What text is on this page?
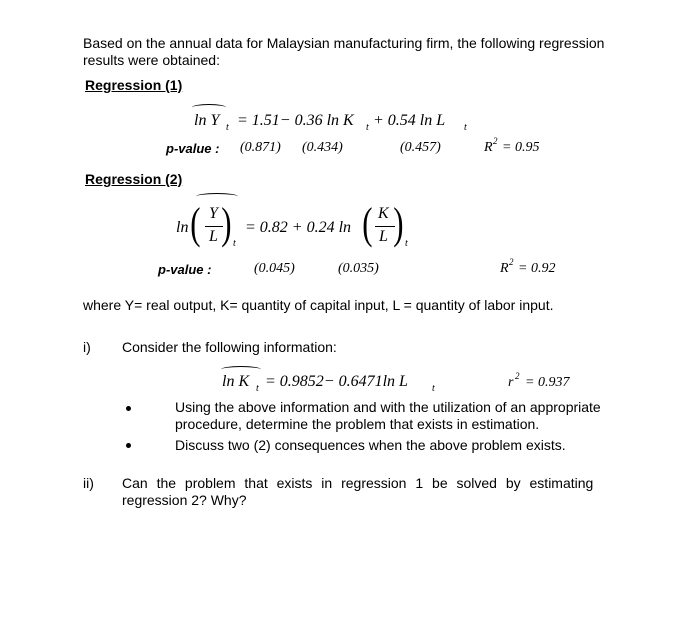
Based on the annual data for Malaysian manufacturing firm, the following regression
results were obtained:
Regression (1)
ln Y t = 1.51− 0.36 ln K t + 0.54 ln L t
p-value : (0.871) (0.434)	(0.457)	R 2 = 0.95
Regression (2)
ln ( Y
L ) t
= 0.82 + 0.24 ln ( K
L ) t
p-value :	(0.045)	(0.035)	R 2 = 0.92
where Y= real output, K= quantity of capital input, L = quantity of labor input.
i) Consider the following information:
ln K t = 0.9852− 0.6471ln L t	r 2 = 0.937
Using the above information and with the utilization of an appropriate
procedure, determine the problem that exists in estimation.
Discuss two (2) consequences when the above problem exists.
ii) Can the problem that exists in regression 1 be solved by estimating
regression 2? Why?
